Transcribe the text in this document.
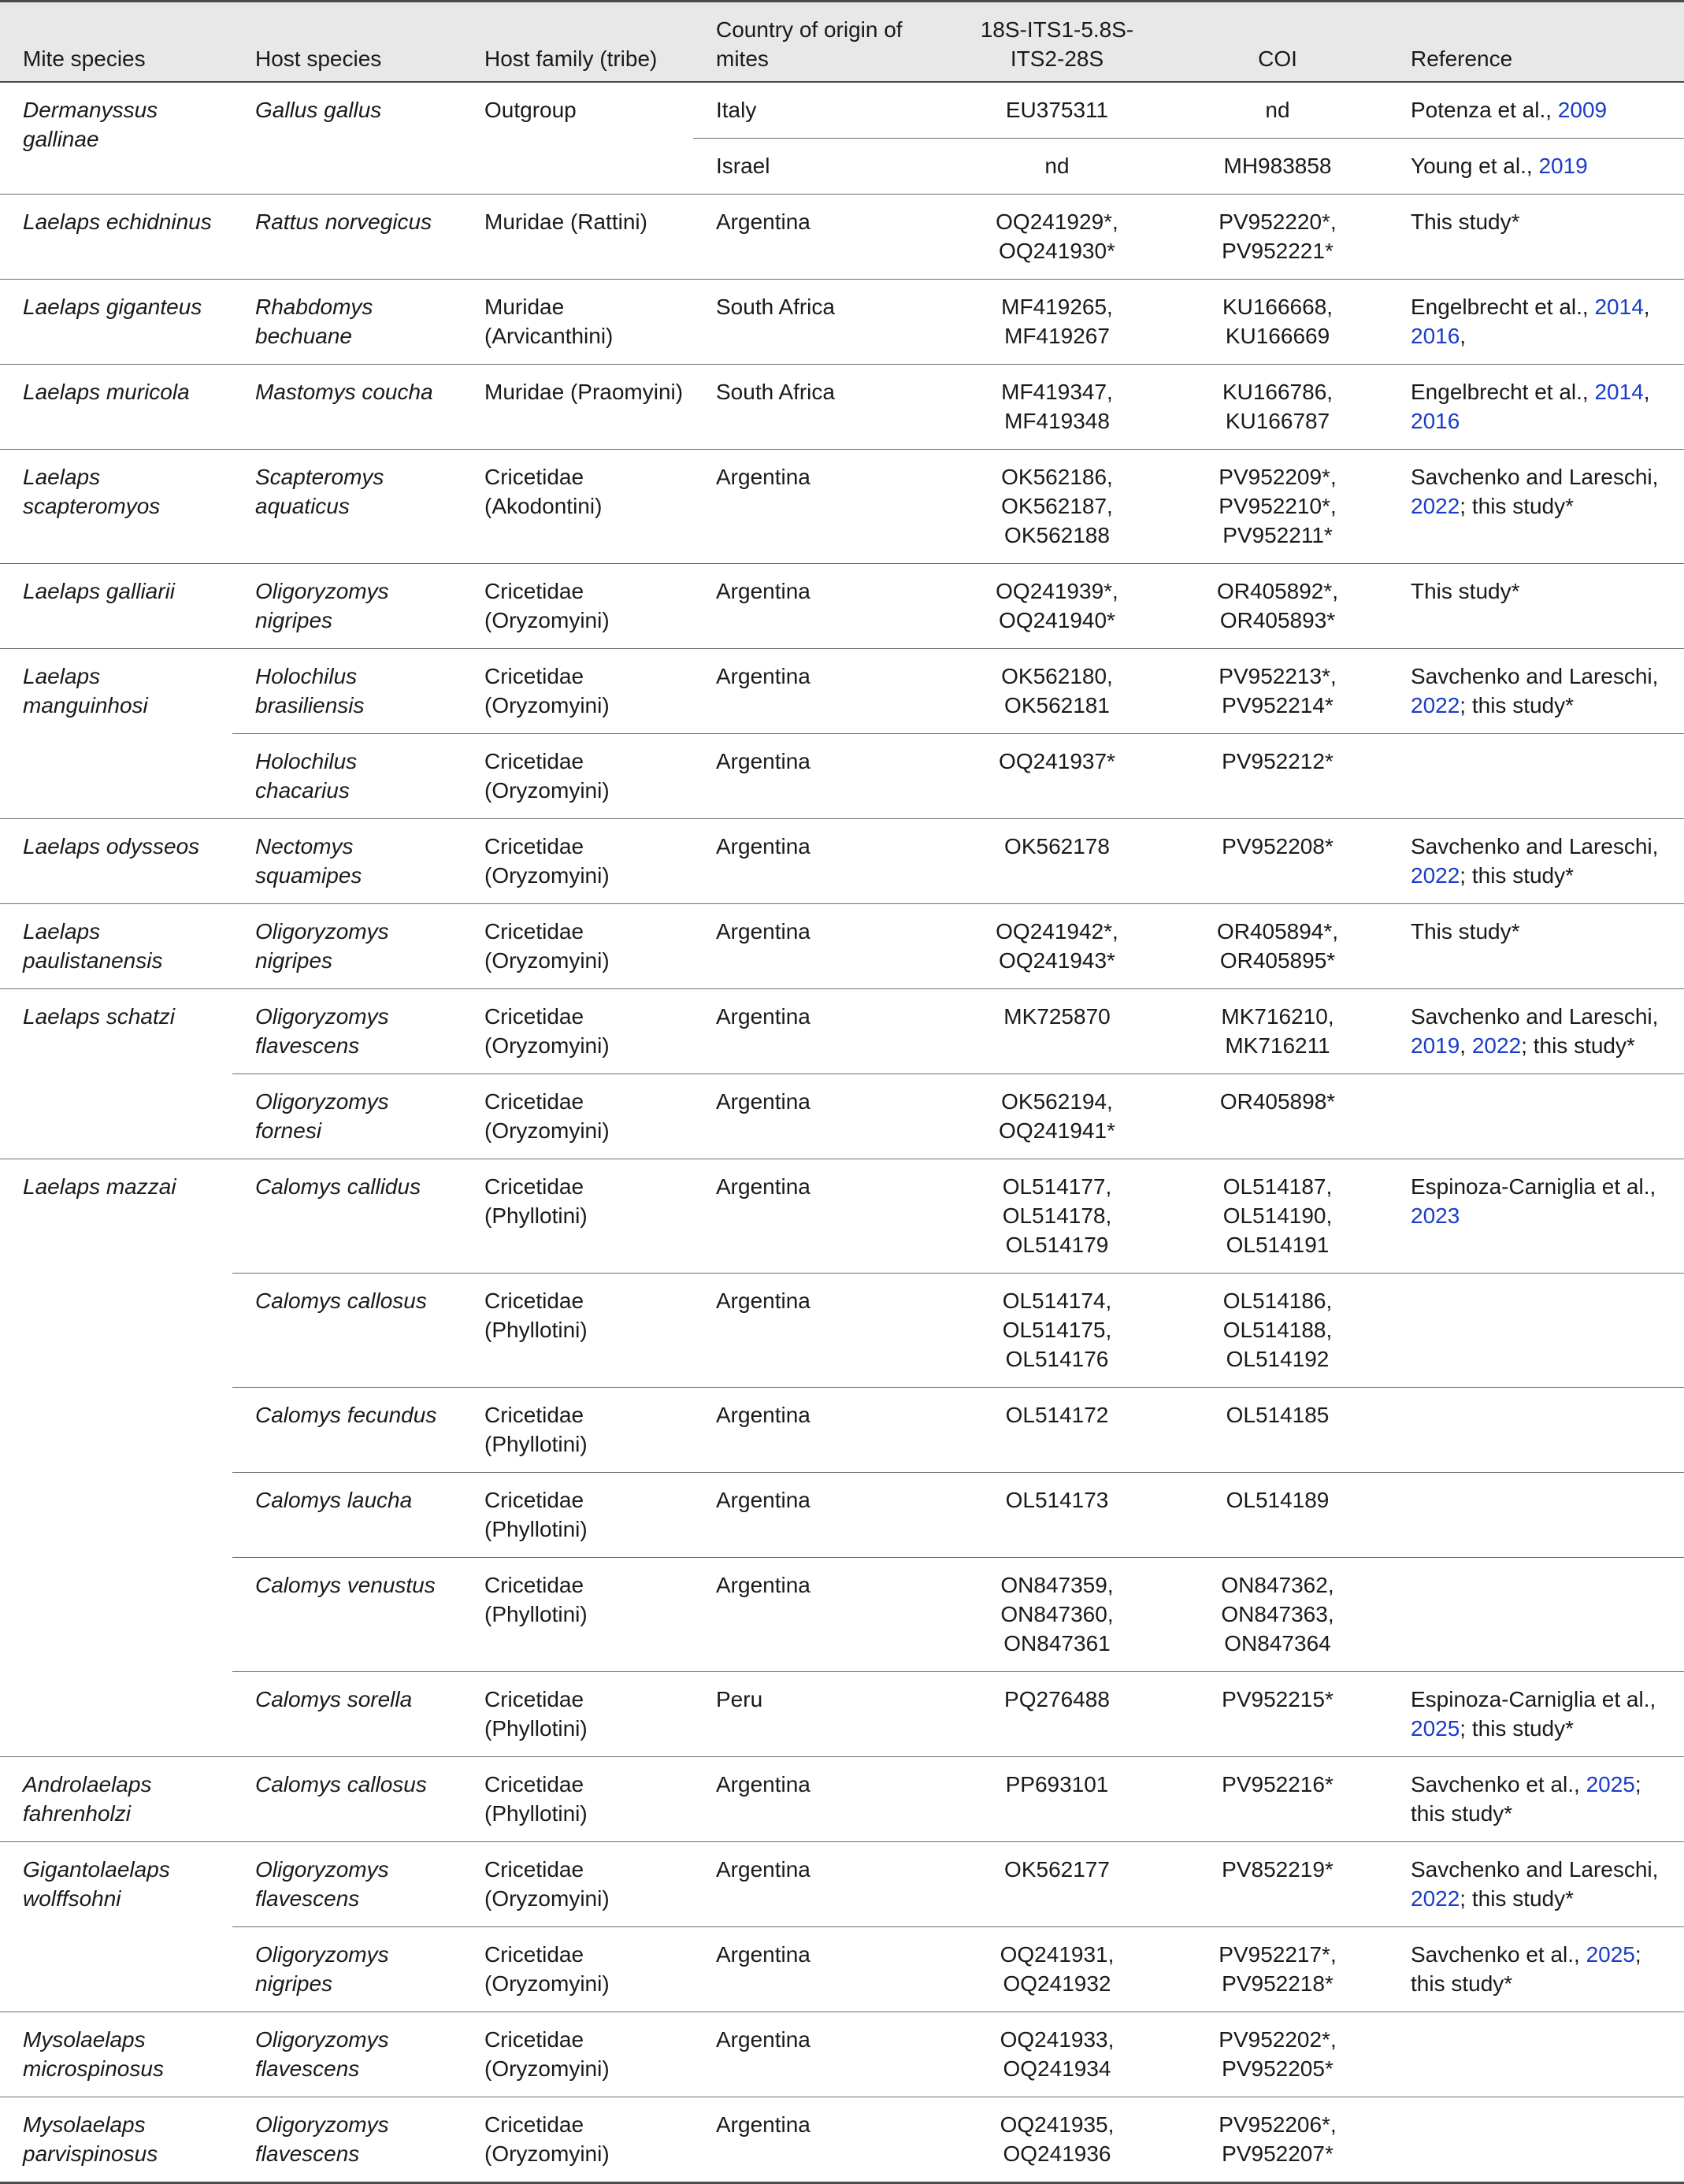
Mite species	Host species	Host family (tribe)	Country of origin of mites	18S-ITS1-5.8S-ITS2-28S	COI	Reference
Dermanyssus gallinae	Gallus gallus	Outgroup	Italy	EU375311	nd	Potenza et al., 2009
			Israel	nd	MH983858	Young et al., 2019
Laelaps echidninus	Rattus norvegicus	Muridae (Rattini)	Argentina	OQ241929*, OQ241930*	PV952220*, PV952221*	This study*
Laelaps giganteus	Rhabdomys bechuane	Muridae (Arvicanthini)	South Africa	MF419265, MF419267	KU166668, KU166669	Engelbrecht et al., 2014, 2016,
Laelaps muricola	Mastomys coucha	Muridae (Praomyini)	South Africa	MF419347, MF419348	KU166786, KU166787	Engelbrecht et al., 2014, 2016
Laelaps scapteromyos	Scapteromys aquaticus	Cricetidae (Akodontini)	Argentina	OK562186, OK562187, OK562188	PV952209*, PV952210*, PV952211*	Savchenko and Lareschi, 2022; this study*
Laelaps galliarii	Oligoryzomys nigripes	Cricetidae (Oryzomyini)	Argentina	OQ241939*, OQ241940*	OR405892*, OR405893*	This study*
Laelaps manguinhosi	Holochilus brasiliensis	Cricetidae (Oryzomyini)	Argentina	OK562180, OK562181	PV952213*, PV952214*	Savchenko and Lareschi, 2022; this study*
	Holochilus chacarius	Cricetidae (Oryzomyini)	Argentina	OQ241937*	PV952212*	
Laelaps odysseos	Nectomys squamipes	Cricetidae (Oryzomyini)	Argentina	OK562178	PV952208*	Savchenko and Lareschi, 2022; this study*
Laelaps paulistanensis	Oligoryzomys nigripes	Cricetidae (Oryzomyini)	Argentina	OQ241942*, OQ241943*	OR405894*, OR405895*	This study*
Laelaps schatzi	Oligoryzomys flavescens	Cricetidae (Oryzomyini)	Argentina	MK725870	MK716210, MK716211	Savchenko and Lareschi, 2019, 2022; this study*
	Oligoryzomys fornesi	Cricetidae (Oryzomyini)	Argentina	OK562194, OQ241941*	OR405898*	
Laelaps mazzai	Calomys callidus	Cricetidae (Phyllotini)	Argentina	OL514177, OL514178, OL514179	OL514187, OL514190, OL514191	Espinoza-Carniglia et al., 2023
	Calomys callosus	Cricetidae (Phyllotini)	Argentina	OL514174, OL514175, OL514176	OL514186, OL514188, OL514192	
	Calomys fecundus	Cricetidae (Phyllotini)	Argentina	OL514172	OL514185	
	Calomys laucha	Cricetidae (Phyllotini)	Argentina	OL514173	OL514189	
	Calomys venustus	Cricetidae (Phyllotini)	Argentina	ON847359, ON847360, ON847361	ON847362, ON847363, ON847364	
	Calomys sorella	Cricetidae (Phyllotini)	Peru	PQ276488	PV952215*	Espinoza-Carniglia et al., 2025; this study*
Androlaelaps fahrenholzi	Calomys callosus	Cricetidae (Phyllotini)	Argentina	PP693101	PV952216*	Savchenko et al., 2025; this study*
Gigantolaelaps wolffsohni	Oligoryzomys flavescens	Cricetidae (Oryzomyini)	Argentina	OK562177	PV852219*	Savchenko and Lareschi, 2022; this study*
	Oligoryzomys nigripes	Cricetidae (Oryzomyini)	Argentina	OQ241931, OQ241932	PV952217*, PV952218*	Savchenko et al., 2025; this study*
Mysolaelaps microspinosus	Oligoryzomys flavescens	Cricetidae (Oryzomyini)	Argentina	OQ241933, OQ241934	PV952202*, PV952205*	
Mysolaelaps parvispinosus	Oligoryzomys flavescens	Cricetidae (Oryzomyini)	Argentina	OQ241935, OQ241936	PV952206*, PV952207*	
